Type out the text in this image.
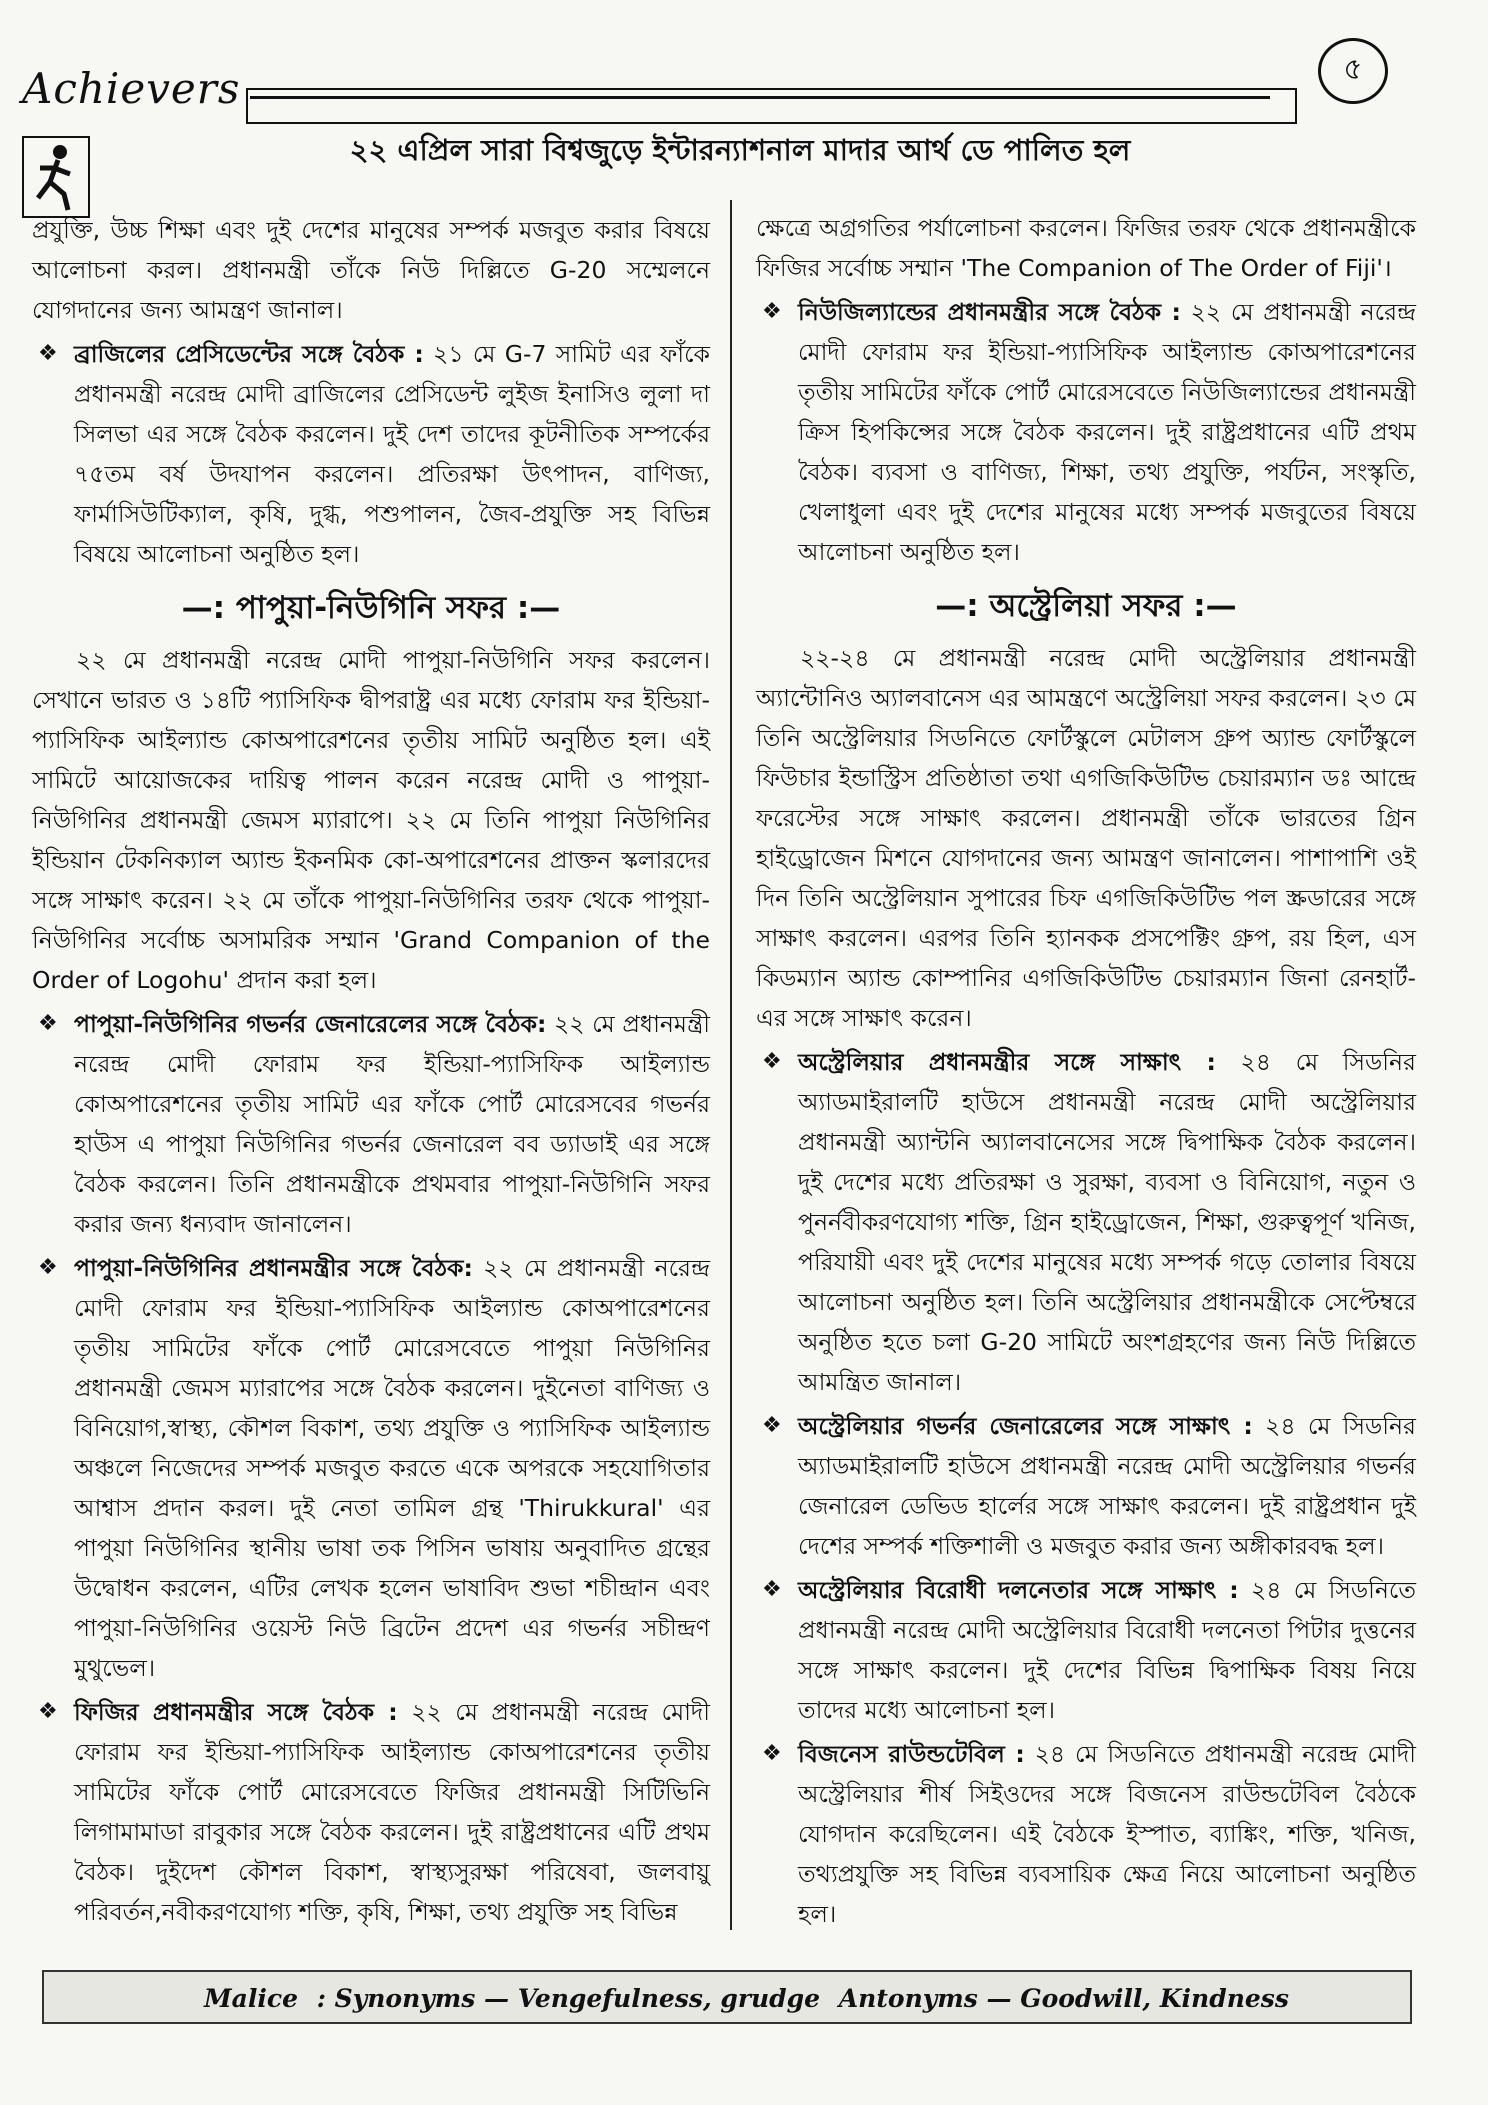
Achievers	৫
২২ এপ্রিল সারা বিশ্বজুড়ে ইন্টারন্যাশনাল মাদার আর্থ ডে পালিত হল

প্রযুক্তি, উচ্চ শিক্ষা এবং দুই দেশের মানুষের সম্পর্ক মজবুত করার বিষয়ে আলোচনা করল। প্রধানমন্ত্রী তাঁকে নিউ দিল্লিতে G-20 সম্মেলনে যোগদানের জন্য আমন্ত্রণ জানাল।

❖ ব্রাজিলের প্রেসিডেন্টের সঙ্গে বৈঠক : ২১ মে G-7 সামিট এর ফাঁকে প্রধানমন্ত্রী নরেন্দ্র মোদী ব্রাজিলের প্রেসিডেন্ট লুইজ ইনাসিও লুলা দা সিলভা এর সঙ্গে বৈঠক করলেন। দুই দেশ তাদের কূটনীতিক সম্পর্কের ৭৫তম বর্ষ উদযাপন করলেন। প্রতিরক্ষা উৎপাদন, বাণিজ্য, ফার্মাসিউটিক্যাল, কৃষি, দুগ্ধ, পশুপালন, জৈব-প্রযুক্তি সহ বিভিন্ন বিষয়ে আলোচনা অনুষ্ঠিত হল।
—: পাপুয়া-নিউগিনি সফর :—

২২ মে প্রধানমন্ত্রী নরেন্দ্র মোদী পাপুয়া-নিউগিনি সফর করলেন। সেখানে ভারত ও ১৪টি প্যাসিফিক দ্বীপরাষ্ট্র এর মধ্যে ফোরাম ফর ইন্ডিয়া- প্যাসিফিক আইল্যান্ড কোঅপারেশনের তৃতীয় সামিট অনুষ্ঠিত হল। এই সামিটে আয়োজকের দায়িত্ব পালন করেন নরেন্দ্র মোদী ও পাপুয়া- নিউগিনির প্রধানমন্ত্রী জেমস ম্যারাপে। ২২ মে তিনি পাপুয়া নিউগিনির ইন্ডিয়ান টেকনিক্যাল অ্যান্ড ইকনমিক কো-অপারেশনের প্রাক্তন স্কলারদের সঙ্গে সাক্ষাৎ করেন। ২২ মে তাঁকে পাপুয়া-নিউগিনির তরফ থেকে পাপুয়া-নিউগিনির সর্বোচ্চ অসামরিক সম্মান 'Grand Companion of the Order of Logohu' প্রদান করা হল।

❖ পাপুয়া-নিউগিনির গভর্নর জেনারেলের সঙ্গে বৈঠক: ২২ মে প্রধানমন্ত্রী নরেন্দ্র মোদী ফোরাম ফর ইন্ডিয়া-প্যাসিফিক আইল্যান্ড কোঅপারেশনের তৃতীয় সামিট এর ফাঁকে পোর্ট মোরেসবের গভর্নর হাউস এ পাপুয়া নিউগিনির গভর্নর জেনারেল বব ড্যাডাই এর সঙ্গে বৈঠক করলেন। তিনি প্রধানমন্ত্রীকে প্রথমবার পাপুয়া-নিউগিনি সফর করার জন্য ধন্যবাদ জানালেন।
❖ পাপুয়া-নিউগিনির প্রধানমন্ত্রীর সঙ্গে বৈঠক: ২২ মে প্রধানমন্ত্রী নরেন্দ্র মোদী ফোরাম ফর ইন্ডিয়া-প্যাসিফিক আইল্যান্ড কোঅপারেশনের তৃতীয় সামিটের ফাঁকে পোর্ট মোরেসবেতে পাপুয়া নিউগিনির প্রধানমন্ত্রী জেমস ম্যারাপের সঙ্গে বৈঠক করলেন। দুইনেতা বাণিজ্য ও বিনিয়োগ,স্বাস্থ্য, কৌশল বিকাশ, তথ্য প্রযুক্তি ও প্যাসিফিক আইল্যান্ড অঞ্চলে নিজেদের সম্পর্ক মজবুত করতে একে অপরকে সহযোগিতার আশ্বাস প্রদান করল। দুই নেতা তামিল গ্রন্থ 'Thirukkural' এর পাপুয়া নিউগিনির স্থানীয় ভাষা তক পিসিন ভাষায় অনুবাদিত গ্রন্থের উদ্বোধন করলেন, এটির লেখক হলেন ভাষাবিদ শুভা শচীন্দ্রান এবং পাপুয়া-নিউগিনির ওয়েস্ট নিউ ব্রিটেন প্রদেশ এর গভর্নর সচীন্দ্রণ মুথুভেল।
❖ ফিজির প্রধানমন্ত্রীর সঙ্গে বৈঠক : ২২ মে প্রধানমন্ত্রী নরেন্দ্র মোদী ফোরাম ফর ইন্ডিয়া-প্যাসিফিক আইল্যান্ড কোঅপারেশনের তৃতীয় সামিটের ফাঁকে পোর্ট মোরেসবেতে ফিজির প্রধানমন্ত্রী সিটিভিনি লিগামামাডা রাবুকার সঙ্গে বৈঠক করলেন। দুই রাষ্ট্রপ্রধানের এটি প্রথম বৈঠক। দুইদেশ কৌশল বিকাশ, স্বাস্থ্যসুরক্ষা পরিষেবা, জলবায়ু পরিবর্তন,নবীকরণযোগ্য শক্তি, কৃষি, শিক্ষা, তথ্য প্রযুক্তি সহ বিভিন্ন

ক্ষেত্রে অগ্রগতির পর্যালোচনা করলেন। ফিজির তরফ থেকে প্রধানমন্ত্রীকে ফিজির সর্বোচ্চ সম্মান 'The Companion of The Order of Fiji'।

❖ নিউজিল্যান্ডের প্রধানমন্ত্রীর সঙ্গে বৈঠক : ২২ মে প্রধানমন্ত্রী নরেন্দ্র মোদী ফোরাম ফর ইন্ডিয়া-প্যাসিফিক আইল্যান্ড কোঅপারেশনের তৃতীয় সামিটের ফাঁকে পোর্ট মোরেসবেতে নিউজিল্যান্ডের প্রধানমন্ত্রী ক্রিস হিপকিন্সের সঙ্গে বৈঠক করলেন। দুই রাষ্ট্রপ্রধানের এটি প্রথম বৈঠক। ব্যবসা ও বাণিজ্য, শিক্ষা, তথ্য প্রযুক্তি, পর্যটন, সংস্কৃতি, খেলাধুলা এবং দুই দেশের মানুষের মধ্যে সম্পর্ক মজবুতের বিষয়ে আলোচনা অনুষ্ঠিত হল।
—: অস্ট্রেলিয়া সফর :—

২২-২৪ মে প্রধানমন্ত্রী নরেন্দ্র মোদী অস্ট্রেলিয়ার প্রধানমন্ত্রী অ্যান্টোনিও অ্যালবানেস এর আমন্ত্রণে অস্ট্রেলিয়া সফর করলেন। ২৩ মে তিনি অস্ট্রেলিয়ার সিডনিতে ফোর্টস্কুলে মেটালস গ্রুপ অ্যান্ড ফোর্টস্কুলে ফিউচার ইন্ডাস্ট্রিস প্রতিষ্ঠাতা তথা এগজিকিউটিভ চেয়ারম্যান ডঃ আন্দ্রে ফরেস্টের সঙ্গে সাক্ষাৎ করলেন। প্রধানমন্ত্রী তাঁকে ভারতের গ্রিন হাইড্রোজেন মিশনে যোগদানের জন্য আমন্ত্রণ জানালেন। পাশাপাশি ওই দিন তিনি অস্ট্রেলিয়ান সুপারের চিফ এগজিকিউটিভ পল স্ক্রডারের সঙ্গে সাক্ষাৎ করলেন। এরপর তিনি হ্যানকক প্রসপেক্টিং গ্রুপ, রয় হিল, এস কিডম্যান অ্যান্ড কোম্পানির এগজিকিউটিভ চেয়ারম্যান জিনা রেনহার্ট-এর সঙ্গে সাক্ষাৎ করেন।

❖ অস্ট্রেলিয়ার প্রধানমন্ত্রীর সঙ্গে সাক্ষাৎ : ২৪ মে সিডনির অ্যাডমাইরালটি হাউসে প্রধানমন্ত্রী নরেন্দ্র মোদী অস্ট্রেলিয়ার প্রধানমন্ত্রী অ্যান্টনি অ্যালবানেসের সঙ্গে দ্বিপাক্ষিক বৈঠক করলেন। দুই দেশের মধ্যে প্রতিরক্ষা ও সুরক্ষা, ব্যবসা ও বিনিয়োগ, নতুন ও পুনর্নবীকরণযোগ্য শক্তি, গ্রিন হাইড্রোজেন, শিক্ষা, গুরুত্বপূর্ণ খনিজ, পরিযায়ী এবং দুই দেশের মানুষের মধ্যে সম্পর্ক গড়ে তোলার বিষয়ে আলোচনা অনুষ্ঠিত হল। তিনি অস্ট্রেলিয়ার প্রধানমন্ত্রীকে সেপ্টেম্বরে অনুষ্ঠিত হতে চলা G-20 সামিটে অংশগ্রহণের জন্য নিউ দিল্লিতে আমন্ত্রিত জানাল।
❖ অস্ট্রেলিয়ার গভর্নর জেনারেলের সঙ্গে সাক্ষাৎ : ২৪ মে সিডনির অ্যাডমাইরালটি হাউসে প্রধানমন্ত্রী নরেন্দ্র মোদী অস্ট্রেলিয়ার গভর্নর জেনারেল ডেভিড হার্লের সঙ্গে সাক্ষাৎ করলেন। দুই রাষ্ট্রপ্রধান দুই দেশের সম্পর্ক শক্তিশালী ও মজবুত করার জন্য অঙ্গীকারবদ্ধ হল।
❖ অস্ট্রেলিয়ার বিরোধী দলনেতার সঙ্গে সাক্ষাৎ : ২৪ মে সিডনিতে প্রধানমন্ত্রী নরেন্দ্র মোদী অস্ট্রেলিয়ার বিরোধী দলনেতা পিটার দুত্তনের সঙ্গে সাক্ষাৎ করলেন। দুই দেশের বিভিন্ন দ্বিপাক্ষিক বিষয় নিয়ে তাদের মধ্যে আলোচনা হল।
❖ বিজনেস রাউন্ডটেবিল : ২৪ মে সিডনিতে প্রধানমন্ত্রী নরেন্দ্র মোদী অস্ট্রেলিয়ার শীর্ষ সিইওদের সঙ্গে বিজনেস রাউন্ডটেবিল বৈঠকে যোগদান করেছিলেন। এই বৈঠকে ইস্পাত, ব্যাঙ্কিং, শক্তি, খনিজ, তথ্যপ্রযুক্তি সহ বিভিন্ন ব্যবসায়িক ক্ষেত্র নিয়ে আলোচনা অনুষ্ঠিত হল।
Malice : Synonyms — Vengefulness, grudge Antonyms — Goodwill, Kindness
